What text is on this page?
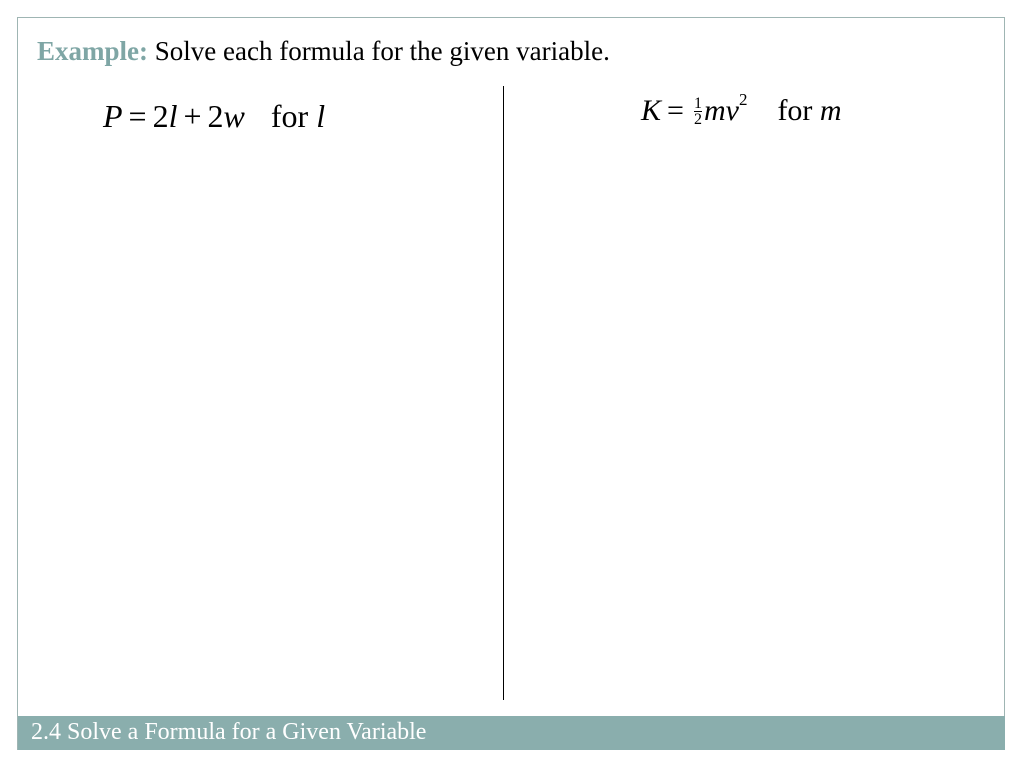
Example: Solve each formula for the given variable.
P = 2l + 2w for l	$K = \frac{1}{2} mv^2$ for m
2.4 Solve a Formula for a Given Variable
